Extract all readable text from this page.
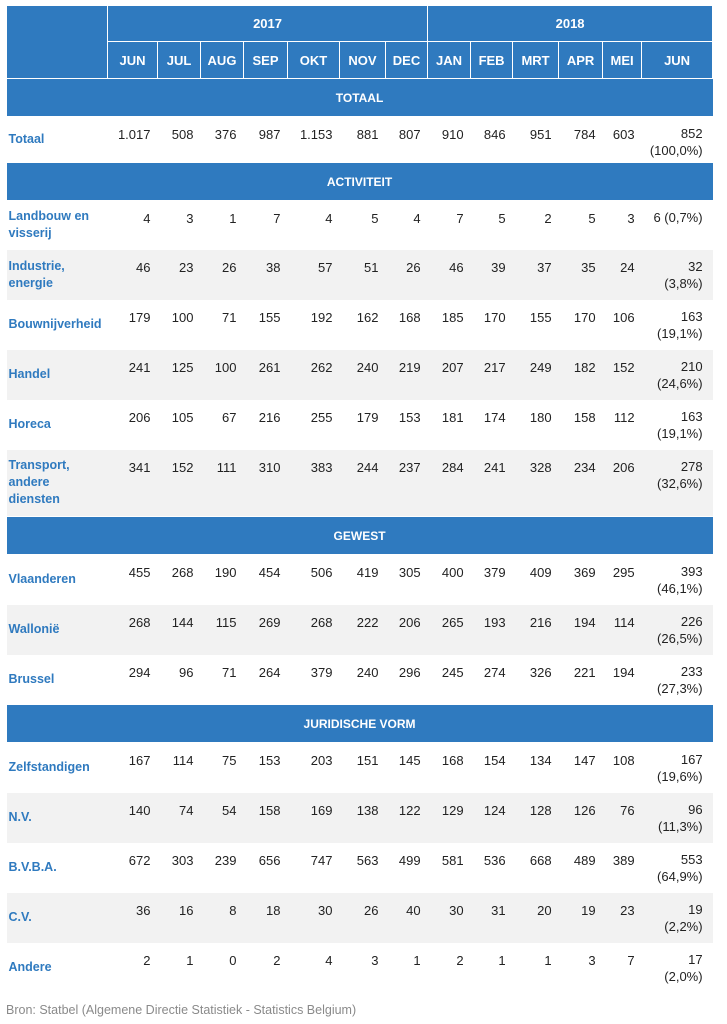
	2017							2018					
	JUN	JUL	AUG	SEP	OKT	NOV	DEC	JAN	FEB	MRT	APR	MEI	JUN
TOTAAL													
Totaal	1.017	508	376	987	1.153	881	807	910	846	951	784	603	852
(100,0%)

ACTIVITEIT													
Landbouw en visserij	4	3	1	7	4	5	4	7	5	2	5	3	6 (0,7%)

Industrie, energie	46	23	26	38	57	51	26	46	39	37	35	24	32
(3,8%)

Bouwnijverheid	179	100	71	155	192	162	168	185	170	155	170	106	163
(19,1%)

Handel	241	125	100	261	262	240	219	207	217	249	182	152	210
(24,6%)

Horeca	206	105	67	216	255	179	153	181	174	180	158	112	163
(19,1%)

Transport, andere diensten	341	152	111	310	383	244	237	284	241	328	234	206	278
(32,6%)

GEWEST													
Vlaanderen	455	268	190	454	506	419	305	400	379	409	369	295	393
(46,1%)

Wallonië	268	144	115	269	268	222	206	265	193	216	194	114	226
(26,5%)

Brussel	294	96	71	264	379	240	296	245	274	326	221	194	233
(27,3%)

JURIDISCHE VORM													
Zelfstandigen	167	114	75	153	203	151	145	168	154	134	147	108	167
(19,6%)

N.V.	140	74	54	158	169	138	122	129	124	128	126	76	96
(11,3%)

B.V.B.A.	672	303	239	656	747	563	499	581	536	668	489	389	553
(64,9%)

C.V.	36	16	8	18	30	26	40	30	31	20	19	23	19
(2,2%)

Andere	2	1	0	2	4	3	1	2	1	1	3	7	17
(2,0%)
Bron: Statbel (Algemene Directie Statistiek - Statistics Belgium)
